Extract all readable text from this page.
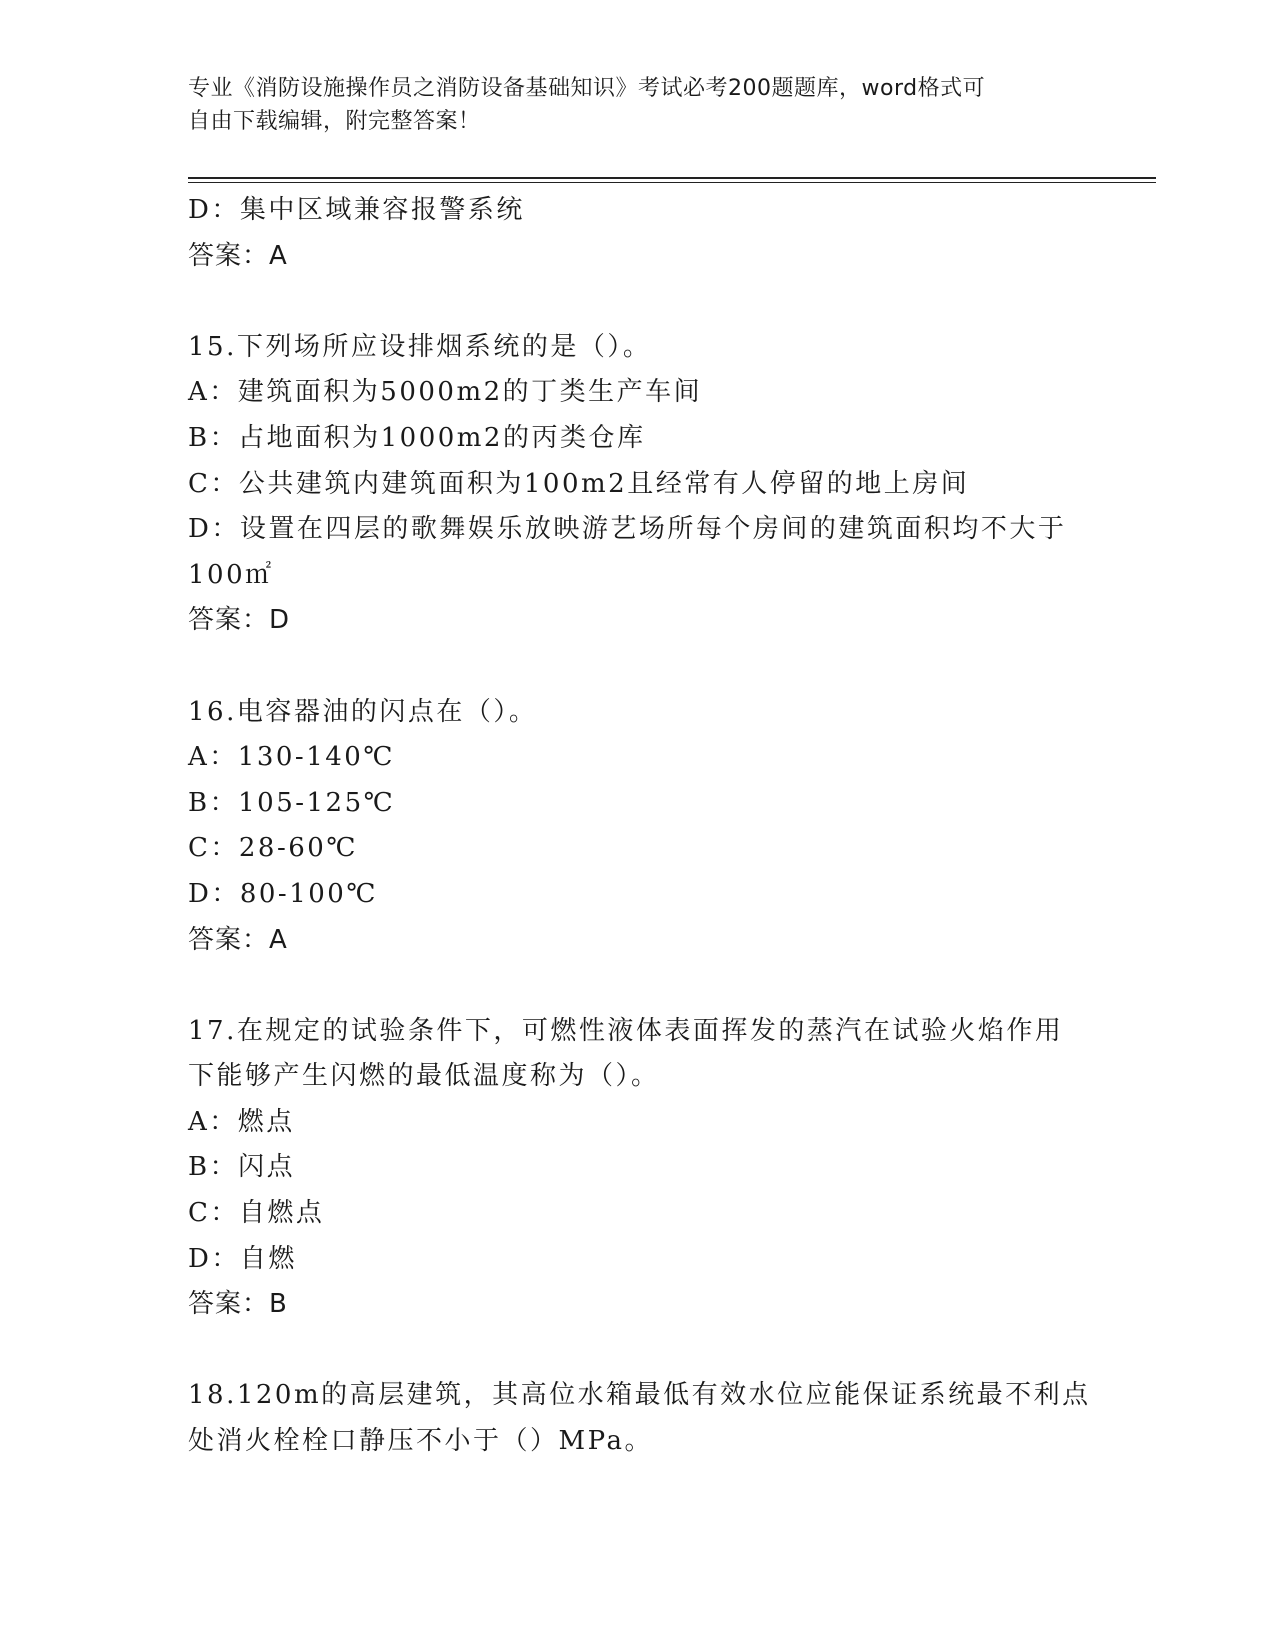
专业《消防设施操作员之消防设备基础知识》考试必考200题题库，word格式可
自由下载编辑，附完整答案！
D：集中区域兼容报警系统
答案：A
15.下列场所应设排烟系统的是（）。
A：建筑面积为5000m2的丁类生产车间
B：占地面积为1000m2的丙类仓库
C：公共建筑内建筑面积为100m2且经常有人停留的地上房间
D：设置在四层的歌舞娱乐放映游艺场所每个房间的建筑面积均不大于
100㎡
答案：D
16.电容器油的闪点在（）。
A：130-140℃
B：105-125℃
C：28-60℃
D：80-100℃
答案：A
17.在规定的试验条件下，可燃性液体表面挥发的蒸汽在试验火焰作用
下能够产生闪燃的最低温度称为（）。
A：燃点
B：闪点
C：自燃点
D：自燃
答案：B
18.120m的高层建筑，其高位水箱最低有效水位应能保证系统最不利点
处消火栓栓口静压不小于（）MPa。
